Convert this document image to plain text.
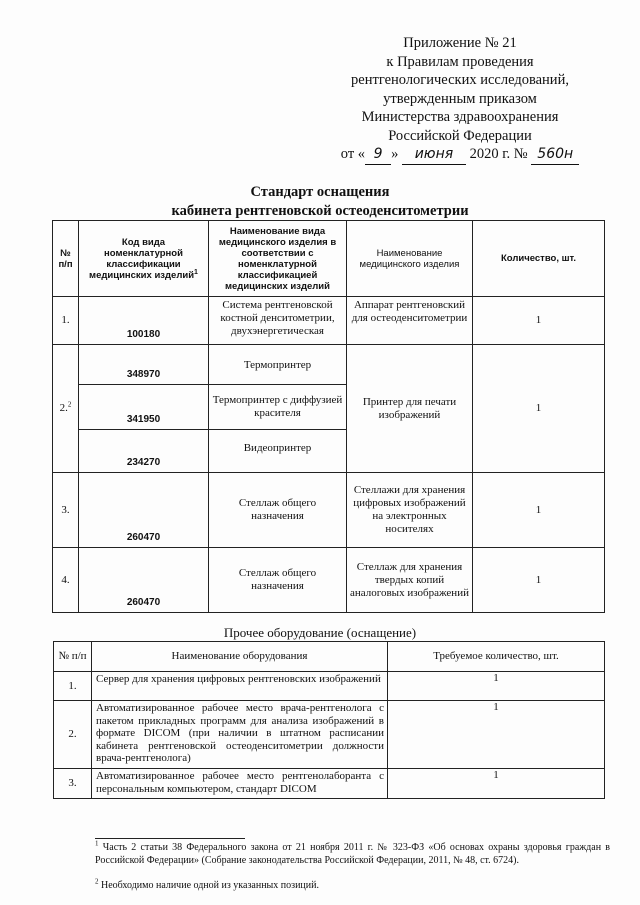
Приложение № 21
к Правилам проведения
рентгенологических исследований,
утвержденным приказом
Министерства здравоохранения
Российской Федерации
от « 9 » июня 2020 г. № 560н
Стандарт оснащения
кабинета рентгеновской остеоденситометрии
№ п/п	Код вида номенклатурной классификации медицинских изделий$^1$	Наименование вида медицинского изделия в соответствии с номенклатурной классификацией медицинских изделий	Наименование медицинского изделия	Количество, шт.
1.	100180	Система рентгеновской костной денситометрии, двухэнергетическая	Аппарат рентгеновский для остеоденситометрии	1
2.$^2$	348970	Термопринтер	Принтер для печати изображений	1
	341950	Термопринтер с диффузией красителя		
	234270	Видеопринтер		
3.	260470	Стеллаж общего назначения	Стеллажи для хранения цифровых изображений на электронных носителях	1
4.	260470	Стеллаж общего назначения	Стеллаж для хранения твердых копий аналоговых изображений	1
Прочее оборудование (оснащение)
№ п/п	Наименование оборудования	Требуемое количество, шт.
1.	Сервер для хранения цифровых рентгеновских изображений	1
2.	Автоматизированное рабочее место врача-рентгенолога с пакетом прикладных программ для анализа изображений в формате DICOM (при наличии в штатном расписании кабинета рентгеновской остеоденситометрии должности врача-рентгенолога)	1
3.	Автоматизированное рабочее место рентгенолаборанта с персональным компьютером, стандарт DICOM	1
$^1$ Часть 2 статьи 38 Федерального закона от 21 ноября 2011 г. № 323-ФЗ «Об основах охраны здоровья граждан в Российской Федерации» (Собрание законодательства Российской Федерации, 2011, № 48, ст. 6724).
$^2$ Необходимо наличие одной из указанных позиций.
